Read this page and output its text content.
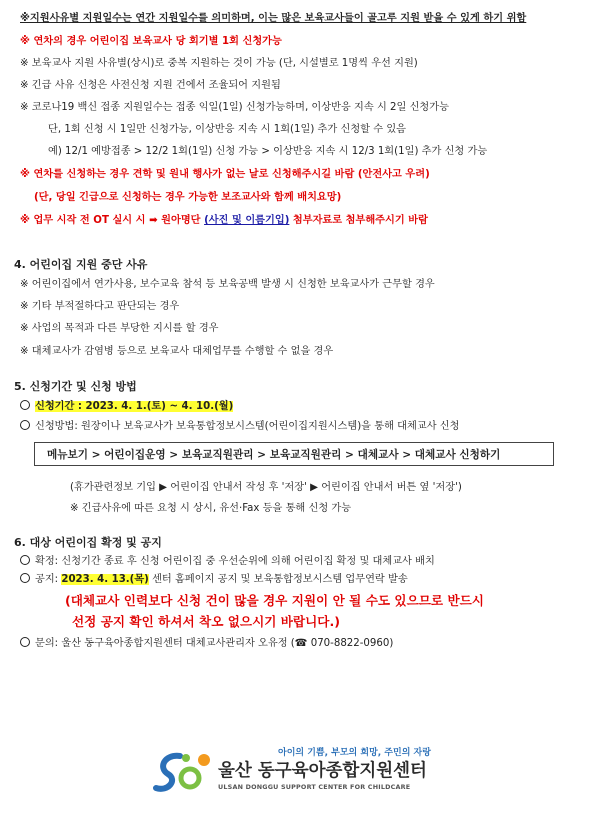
※지원사유별 지원일수는 연간 지원일수를 의미하며, 이는 많은 보육교사들이 골고루 지원 받을 수 있게 하기 위함
※ 연차의 경우 어린이집 보육교사 당 회기별 1회 신청가능
※ 보육교사 지원 사유별(상시)로 중복 지원하는 것이 가능 (단, 시설별로 1명씩 우선 지원)
※ 긴급 사유 신청은 사전신청 지원 건에서 조율되어 지원됨
※ 코로나19 백신 접종 지원일수는 접종 익일(1일) 신청가능하며, 이상반응 지속 시 2일 신청가능
단, 1회 신청 시 1일만 신청가능, 이상반응 지속 시 1회(1일) 추가 신청할 수 있음
예) 12/1 예방접종 > 12/2 1회(1일) 신청 가능 > 이상반응 지속 시 12/3 1회(1일) 추가 신청 가능
※ 연차를 신청하는 경우 견학 및 원내 행사가 없는 날로 신청해주시길 바람 (안전사고 우려)
(단, 당일 긴급으로 신청하는 경우 가능한 보조교사와 함께 배치요망)
※ 업무 시작 전 OT 실시 시 ➡ 원아명단 (사진 및 이름기입) 첨부자료로 첨부해주시기 바람
4. 어린이집 지원 중단 사유
※ 어린이집에서 연가사용, 보수교육 참석 등 보육공백 발생 시 신청한 보육교사가 근무할 경우
※ 기타 부적절하다고 판단되는 경우
※ 사업의 목적과 다른 부당한 지시를 할 경우
※ 대체교사가 감염병 등으로 보육교사 대체업무를 수행할 수 없을 경우
5. 신청기간 및 신청 방법
신청기간 : 2023. 4. 1.(토) ~ 4. 10.(월)
신청방법: 원장이나 보육교사가 보육통합정보시스템(어린이집지원시스템)을 통해 대체교사 신청
메뉴보기 > 어린이집운영 > 보육교직원관리 > 보육교직원관리 > 대체교사 > 대체교사 신청하기
(휴가관련정보 기입 ▶ 어린이집 안내서 작성 후 '저장' ▶ 어린이집 안내서 버튼 옆 '저장')
※ 긴급사유에 따른 요청 시 상시, 유선·Fax 등을 통해 신청 가능
6. 대상 어린이집 확정 및 공지
확정: 신청기간 종료 후 신청 어린이집 중 우선순위에 의해 어린이집 확정 및 대체교사 배치
공지: 2023. 4. 13.(목) 센터 홈페이지 공지 및 보육통합정보시스템 업무연락 발송
(대체교사 인력보다 신청 건이 많을 경우 지원이 안 될 수도 있으므로 반드시
선정 공지 확인 하셔서 착오 없으시기 바랍니다.)
문의: 울산 동구육아종합지원센터 대체교사관리자 오유정 (☎ 070-8822-0960)
아이의 기쁨, 부모의 희망, 주민의 자랑
울산 동구육아종합지원센터
ULSAN DONGGU SUPPORT CENTER FOR CHILDCARE
